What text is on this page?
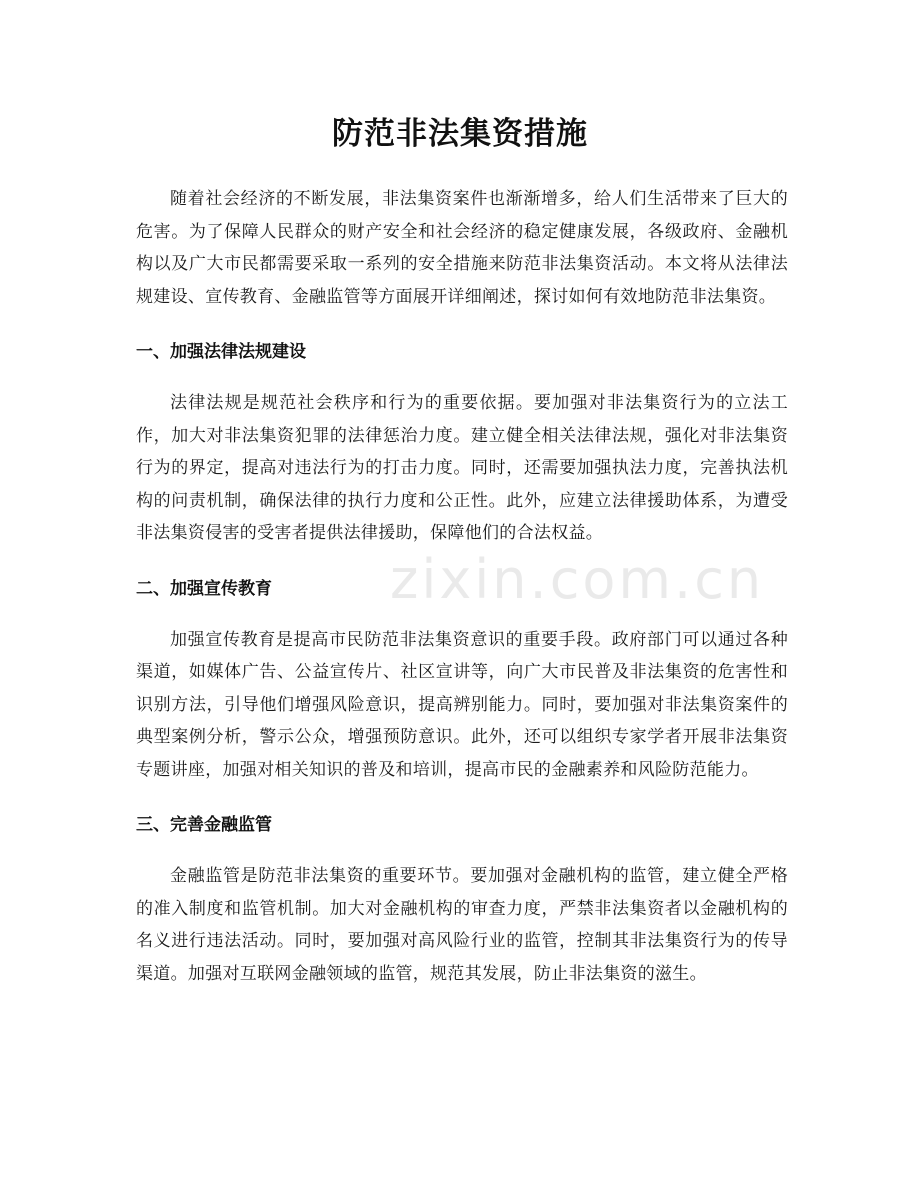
防范非法集资措施

随着社会经济的不断发展，非法集资案件也渐渐增多，给人们生活带来了巨大的危害。为了保障人民群众的财产安全和社会经济的稳定健康发展，各级政府、金融机构以及广大市民都需要采取一系列的安全措施来防范非法集资活动。本文将从法律法规建设、宣传教育、金融监管等方面展开详细阐述，探讨如何有效地防范非法集资。

一、加强法律法规建设

法律法规是规范社会秩序和行为的重要依据。要加强对非法集资行为的立法工作，加大对非法集资犯罪的法律惩治力度。建立健全相关法律法规，强化对非法集资行为的界定，提高对违法行为的打击力度。同时，还需要加强执法力度，完善执法机构的问责机制，确保法律的执行力度和公正性。此外，应建立法律援助体系，为遭受非法集资侵害的受害者提供法律援助，保障他们的合法权益。

二、加强宣传教育

加强宣传教育是提高市民防范非法集资意识的重要手段。政府部门可以通过各种渠道，如媒体广告、公益宣传片、社区宣讲等，向广大市民普及非法集资的危害性和识别方法，引导他们增强风险意识，提高辨别能力。同时，要加强对非法集资案件的典型案例分析，警示公众，增强预防意识。此外，还可以组织专家学者开展非法集资专题讲座，加强对相关知识的普及和培训，提高市民的金融素养和风险防范能力。

三、完善金融监管

金融监管是防范非法集资的重要环节。要加强对金融机构的监管，建立健全严格的准入制度和监管机制。加大对金融机构的审查力度，严禁非法集资者以金融机构的名义进行违法活动。同时，要加强对高风险行业的监管，控制其非法集资行为的传导渠道。加强对互联网金融领域的监管，规范其发展，防止非法集资的滋生。

zixin.com.cn
